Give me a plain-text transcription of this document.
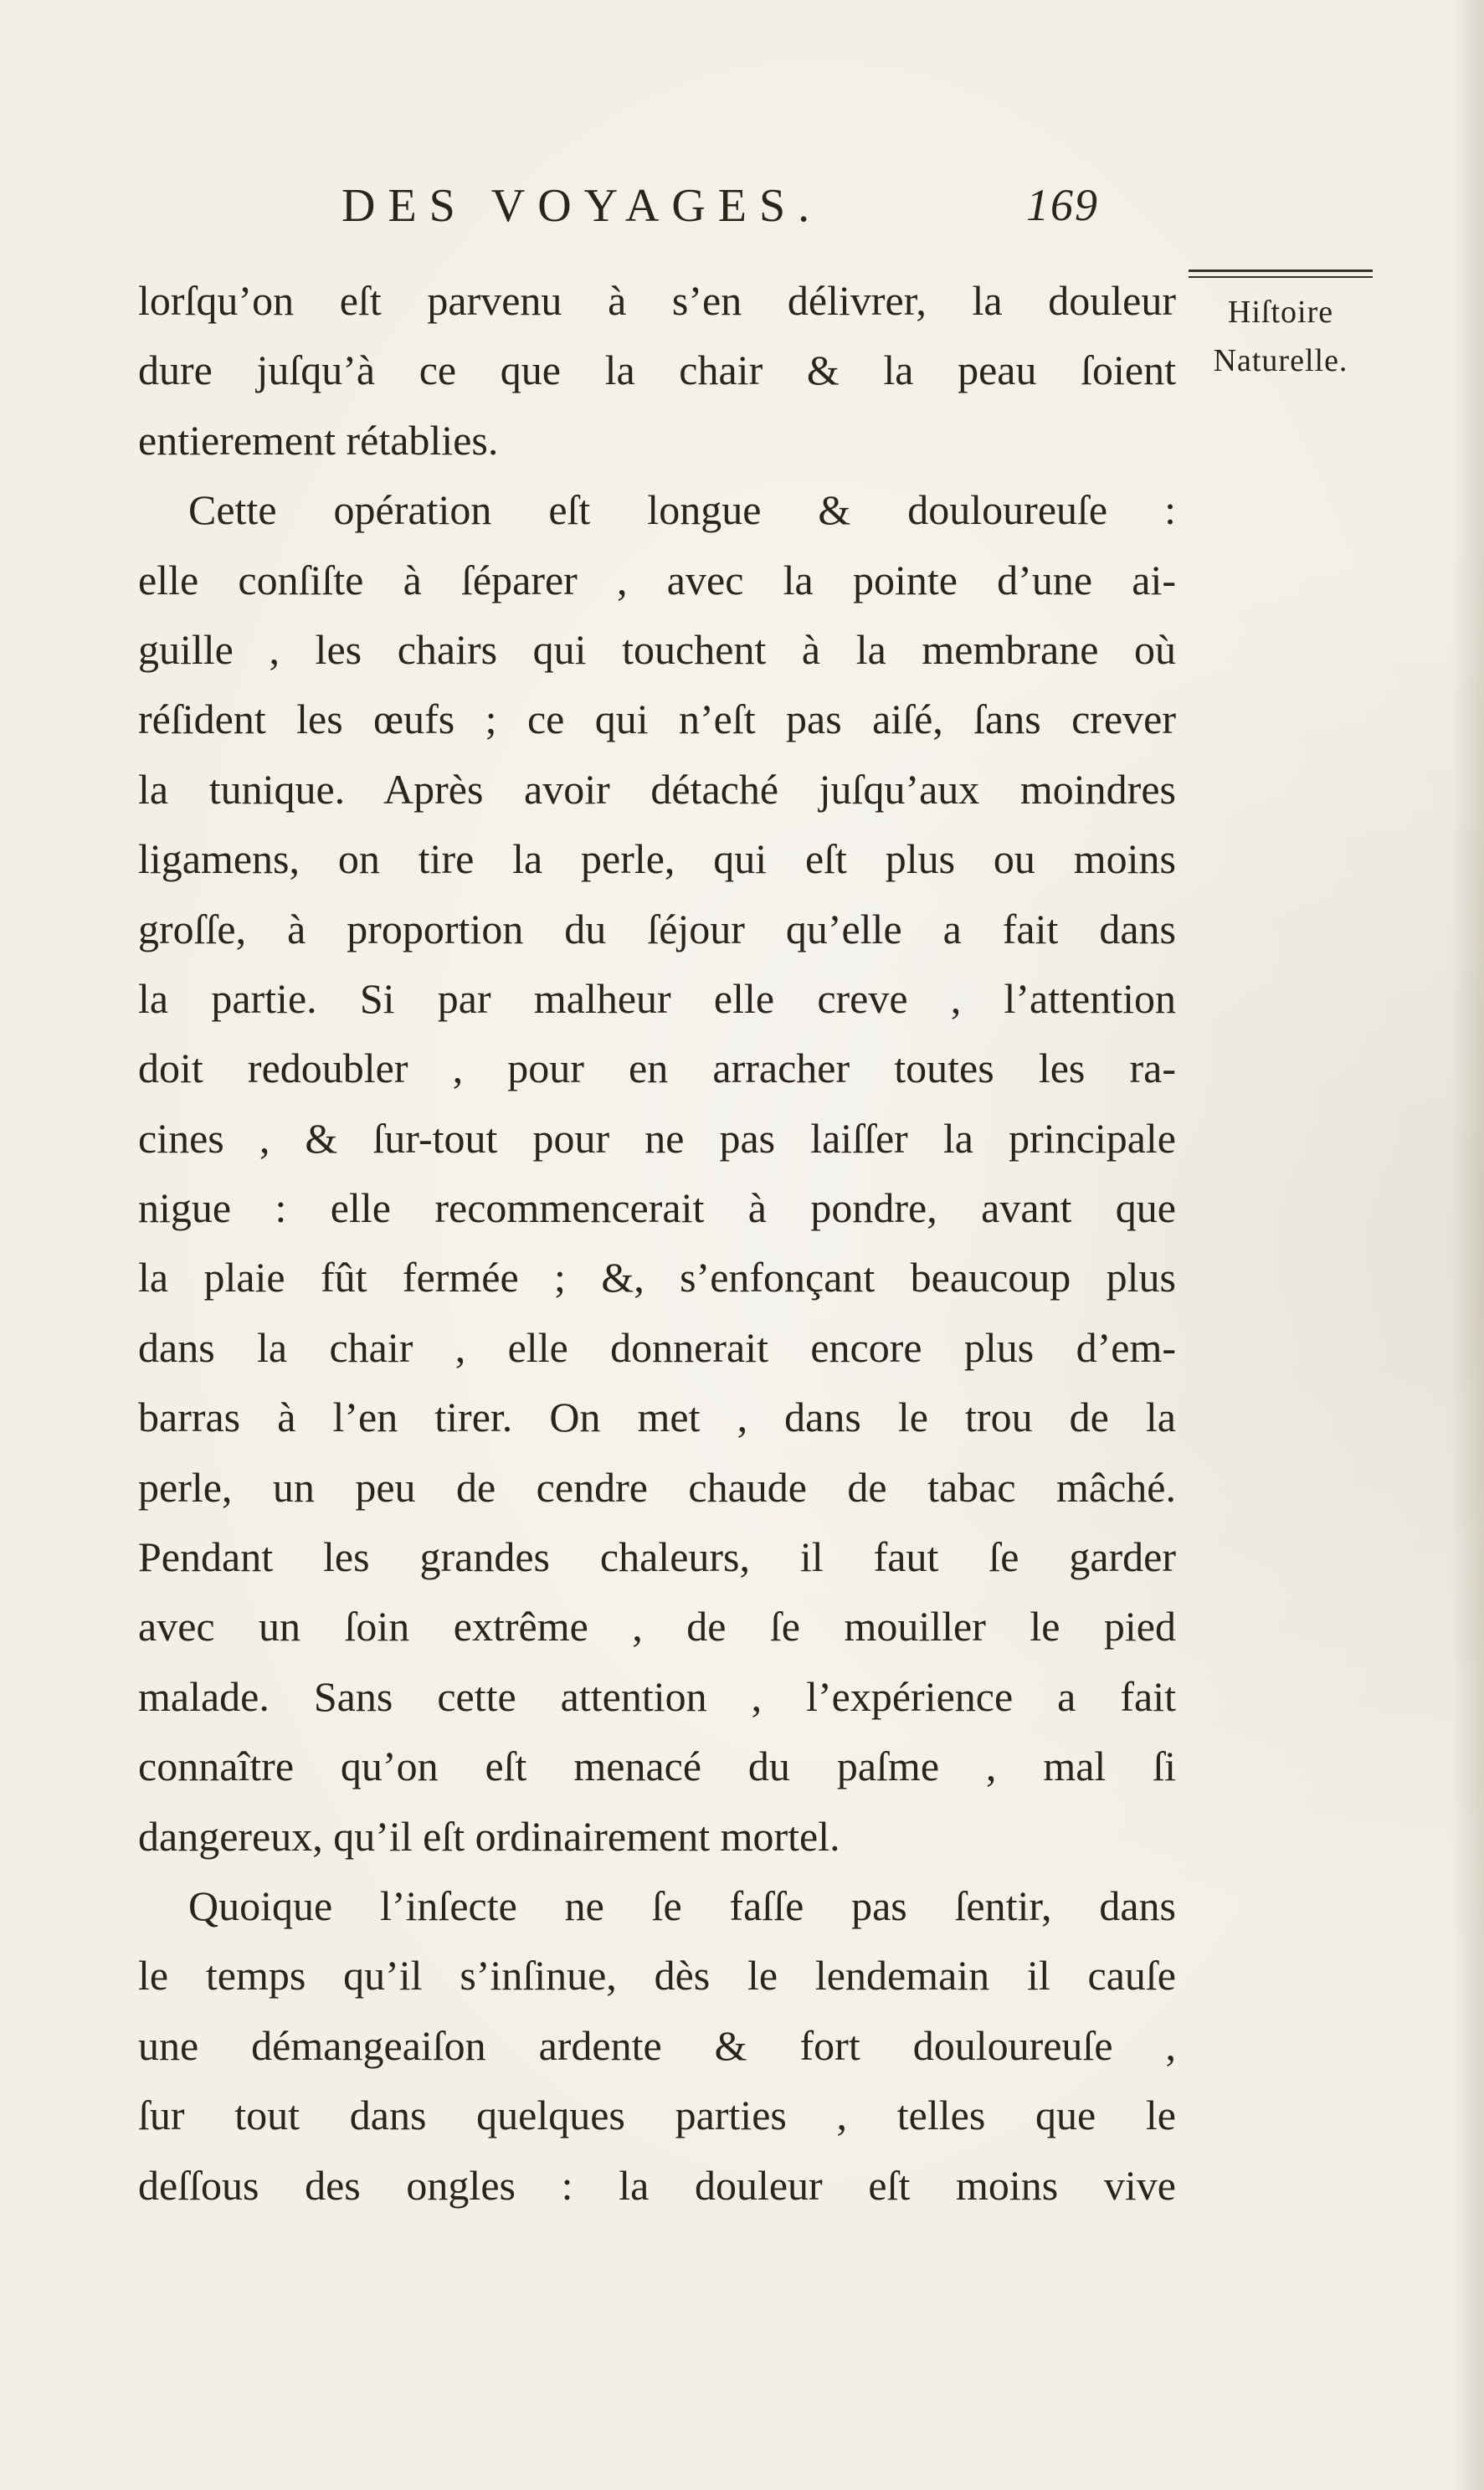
DES VOYAGES.	169
Hiſtoire
Naturelle.
lorſqu’on eſt parvenu à s’en délivrer, la douleur
dure juſqu’à ce que la chair & la peau ſoient
entierement rétablies.
Cette opération eſt longue & douloureuſe :
elle conſiſte à ſéparer , avec la pointe d’une ai-
guille , les chairs qui touchent à la membrane où
réſident les œufs ; ce qui n’eſt pas aiſé, ſans crever
la tunique. Après avoir détaché juſqu’aux moindres
ligamens, on tire la perle, qui eſt plus ou moins
groſſe, à proportion du ſéjour qu’elle a fait dans
la partie. Si par malheur elle creve , l’attention
doit redoubler , pour en arracher toutes les ra-
cines , & ſur-tout pour ne pas laiſſer la principale
nigue : elle recommencerait à pondre, avant que
la plaie fût fermée ; &, s’enfonçant beaucoup plus
dans la chair , elle donnerait encore plus d’em-
barras à l’en tirer. On met , dans le trou de la
perle, un peu de cendre chaude de tabac mâché.
Pendant les grandes chaleurs, il faut ſe garder
avec un ſoin extrême , de ſe mouiller le pied
malade. Sans cette attention , l’expérience a fait
connaître qu’on eſt menacé du paſme , mal ſi
dangereux, qu’il eſt ordinairement mortel.
Quoique l’inſecte ne ſe faſſe pas ſentir, dans
le temps qu’il s’inſinue, dès le lendemain il cauſe
une démangeaiſon ardente & fort douloureuſe ,
ſur tout dans quelques parties , telles que le
deſſous des ongles : la douleur eſt moins vive
